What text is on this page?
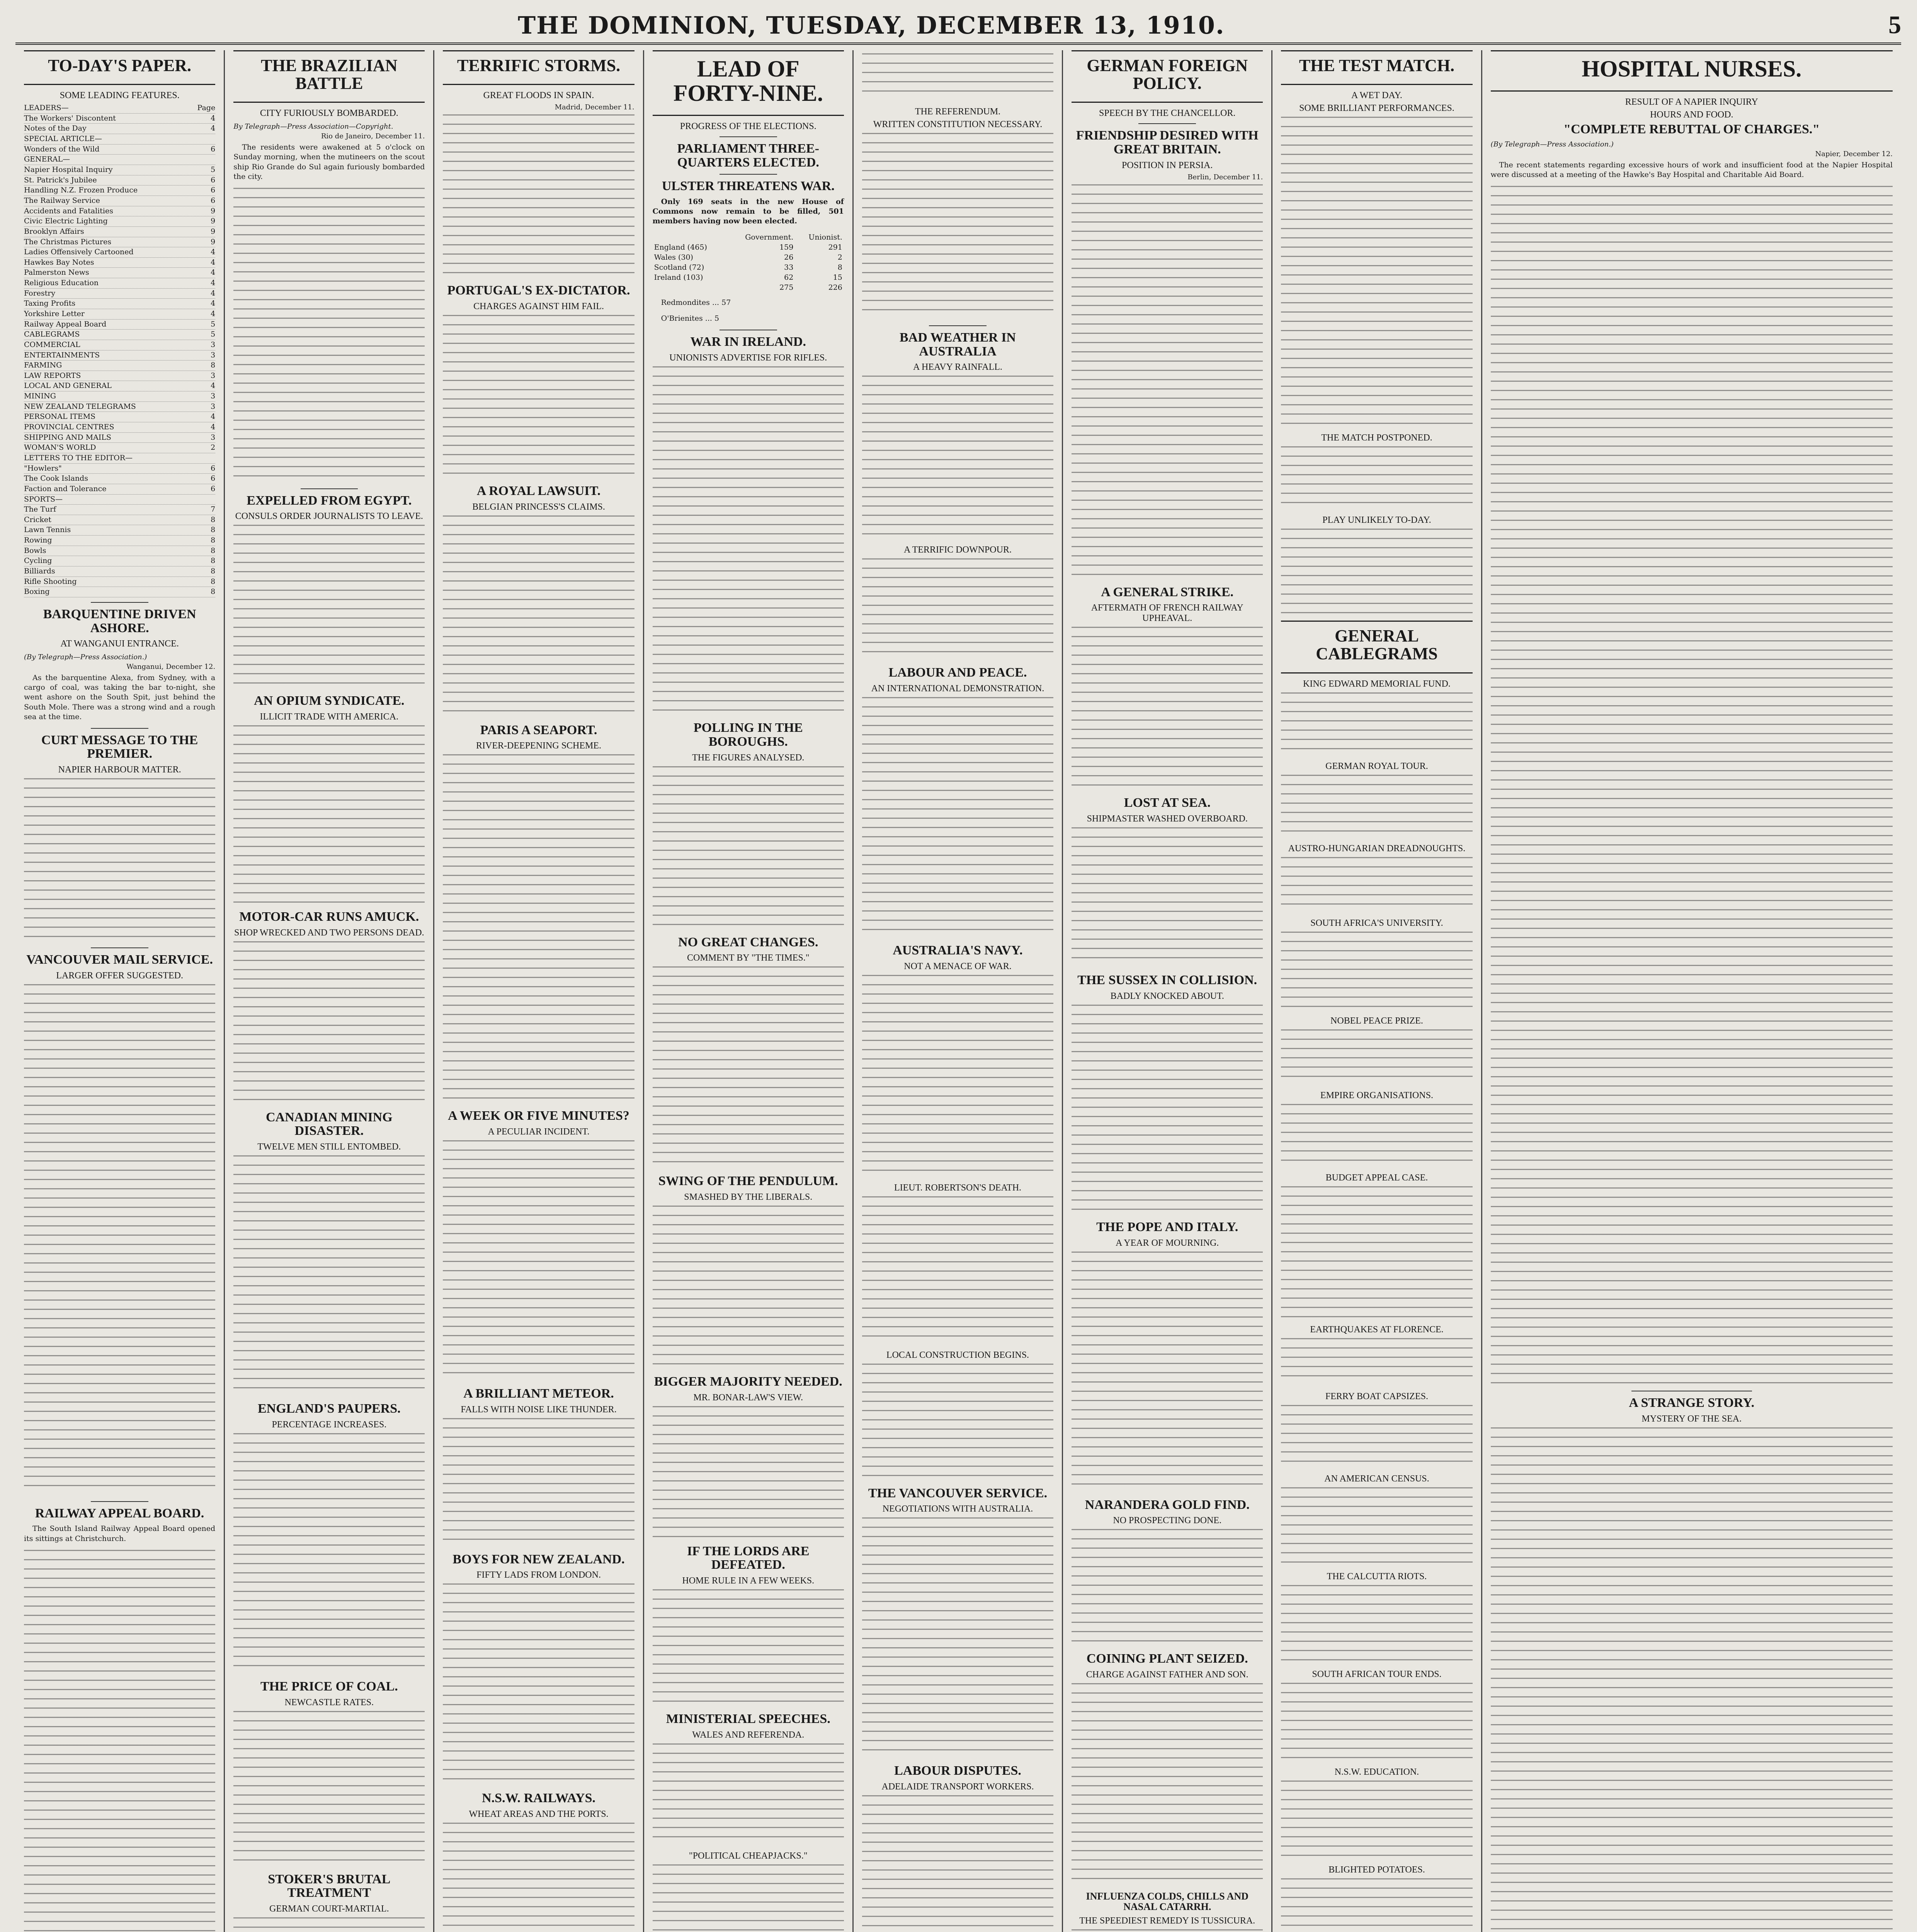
THE DOMINION, TUESDAY, DECEMBER 13, 1910.	5
TO-DAY'S PAPER.
SOME LEADING FEATURES.
LEADERS—	Page
The Workers' Discontent	4
Notes of the Day	4
SPECIAL ARTICLE—
Wonders of the Wild	6
GENERAL—
Napier Hospital Inquiry	5
St. Patrick's Jubilee	6
Handling N.Z. Frozen Produce	6
The Railway Service	6
Accidents and Fatalities	9
Civic Electric Lighting	9
Brooklyn Affairs	9
The Christmas Pictures	9
Ladies Offensively Cartooned	4
Hawkes Bay Notes	4
Palmerston News	4
Religious Education	4
Forestry	4
Taxing Profits	4
Yorkshire Letter	4
Railway Appeal Board	5
CABLEGRAMS	5
COMMERCIAL	3
ENTERTAINMENTS	3
FARMING	8
LAW REPORTS	3
LOCAL AND GENERAL	4
MINING	3
NEW ZEALAND TELEGRAMS	3
PERSONAL ITEMS	4
PROVINCIAL CENTRES	4
SHIPPING AND MAILS	3
WOMAN'S WORLD	2
LETTERS TO THE EDITOR—
"Howlers"	6
The Cook Islands	6
Faction and Tolerance	6
SPORTS—
The Turf	7
Cricket	8
Lawn Tennis	8
Rowing	8
Bowls	8
Cycling	8
Billiards	8
Rifle Shooting	8
Boxing	8
BARQUENTINE DRIVEN ASHORE.
AT WANGANUI ENTRANCE.
(By Telegraph—Press Association.)
Wanganui, December 12.

As the barquentine Alexa, from Sydney, with a cargo of coal, was taking the bar to-night, she went ashore on the South Spit, just behind the South Mole. There was a strong wind and a rough sea at the time.

CURT MESSAGE TO THE PREMIER.
NAPIER HARBOUR MATTER.
VANCOUVER MAIL SERVICE.
LARGER OFFER SUGGESTED.
RAILWAY APPEAL BOARD.

The South Island Railway Appeal Board opened its sittings at Christchurch.

THE BRAZILIAN BATTLE
CITY FURIOUSLY BOMBARDED.
By Telegraph—Press Association—Copyright.
Rio de Janeiro, December 11.

The residents were awakened at 5 o'clock on Sunday morning, when the mutineers on the scout ship Rio Grande do Sul again furiously bombarded the city.

EXPELLED FROM EGYPT.
CONSULS ORDER JOURNALISTS TO LEAVE.
AN OPIUM SYNDICATE.
ILLICIT TRADE WITH AMERICA.
MOTOR-CAR RUNS AMUCK.
SHOP WRECKED AND TWO PERSONS DEAD.
CANADIAN MINING DISASTER.
TWELVE MEN STILL ENTOMBED.
ENGLAND'S PAUPERS.
PERCENTAGE INCREASES.
THE PRICE OF COAL.
NEWCASTLE RATES.
STOKER'S BRUTAL TREATMENT
GERMAN COURT-MARTIAL.
TERRIFIC STORMS.
GREAT FLOODS IN SPAIN.
Madrid, December 11.
PORTUGAL'S EX-DICTATOR.
CHARGES AGAINST HIM FAIL.
A ROYAL LAWSUIT.
BELGIAN PRINCESS'S CLAIMS.
PARIS A SEAPORT.
RIVER-DEEPENING SCHEME.
A WEEK OR FIVE MINUTES?
A PECULIAR INCIDENT.
A BRILLIANT METEOR.
FALLS WITH NOISE LIKE THUNDER.
BOYS FOR NEW ZEALAND.
FIFTY LADS FROM LONDON.
N.S.W. RAILWAYS.
WHEAT AREAS AND THE PORTS.
LEAD OF FORTY-NINE.
PROGRESS OF THE ELECTIONS.
PARLIAMENT THREE-QUARTERS ELECTED.
ULSTER THREATENS WAR.

Only 169 seats in the new House of Commons now remain to be filled, 501 members having now been elected.

	Government.	Unionist.
England (465)	159	291
Wales (30)	26	2
Scotland (72)	33	8
Ireland (103)	62	15
	275	226
Redmondites ... 57
O'Brienites ... 5
WAR IN IRELAND.
UNIONISTS ADVERTISE FOR RIFLES.
POLLING IN THE BOROUGHS.
THE FIGURES ANALYSED.
NO GREAT CHANGES.
COMMENT BY "THE TIMES."
SWING OF THE PENDULUM.
SMASHED BY THE LIBERALS.
BIGGER MAJORITY NEEDED.
MR. BONAR-LAW'S VIEW.
IF THE LORDS ARE DEFEATED.
HOME RULE IN A FEW WEEKS.
MINISTERIAL SPEECHES.
WALES AND REFERENDA.
"POLITICAL CHEAPJACKS."
THE REFERENDUM.
WRITTEN CONSTITUTION NECESSARY.
BAD WEATHER IN AUSTRALIA
A HEAVY RAINFALL.
A TERRIFIC DOWNPOUR.
LABOUR AND PEACE.
AN INTERNATIONAL DEMONSTRATION.
AUSTRALIA'S NAVY.
NOT A MENACE OF WAR.
LIEUT. ROBERTSON'S DEATH.
LOCAL CONSTRUCTION BEGINS.
THE VANCOUVER SERVICE.
NEGOTIATIONS WITH AUSTRALIA.
LABOUR DISPUTES.
ADELAIDE TRANSPORT WORKERS.
GERMAN FOREIGN POLICY.
SPEECH BY THE CHANCELLOR.
FRIENDSHIP DESIRED WITH GREAT BRITAIN.
POSITION IN PERSIA.
Berlin, December 11.
A GENERAL STRIKE.
AFTERMATH OF FRENCH RAILWAY UPHEAVAL.
LOST AT SEA.
SHIPMASTER WASHED OVERBOARD.
THE SUSSEX IN COLLISION.
BADLY KNOCKED ABOUT.
THE POPE AND ITALY.
A YEAR OF MOURNING.
NARANDERA GOLD FIND.
NO PROSPECTING DONE.
COINING PLANT SEIZED.
CHARGE AGAINST FATHER AND SON.
INFLUENZA COLDS, CHILLS AND NASAL CATARRH.
THE SPEEDIEST REMEDY IS TUSSICURA.
THE TEST MATCH.
A WET DAY.
SOME BRILLIANT PERFORMANCES.
THE MATCH POSTPONED.
PLAY UNLIKELY TO-DAY.
GENERAL CABLEGRAMS
KING EDWARD MEMORIAL FUND.
GERMAN ROYAL TOUR.
AUSTRO-HUNGARIAN DREADNOUGHTS.
SOUTH AFRICA'S UNIVERSITY.
NOBEL PEACE PRIZE.
EMPIRE ORGANISATIONS.
BUDGET APPEAL CASE.
EARTHQUAKES AT FLORENCE.
FERRY BOAT CAPSIZES.
AN AMERICAN CENSUS.
THE CALCUTTA RIOTS.
SOUTH AFRICAN TOUR ENDS.
N.S.W. EDUCATION.
BLIGHTED POTATOES.
HOSPITAL NURSES.
RESULT OF A NAPIER INQUIRY
HOURS AND FOOD.
"COMPLETE REBUTTAL OF CHARGES."
(By Telegraph—Press Association.)
Napier, December 12.

The recent statements regarding excessive hours of work and insufficient food at the Napier Hospital were discussed at a meeting of the Hawke's Bay Hospital and Charitable Aid Board.

A STRANGE STORY.
MYSTERY OF THE SEA.
